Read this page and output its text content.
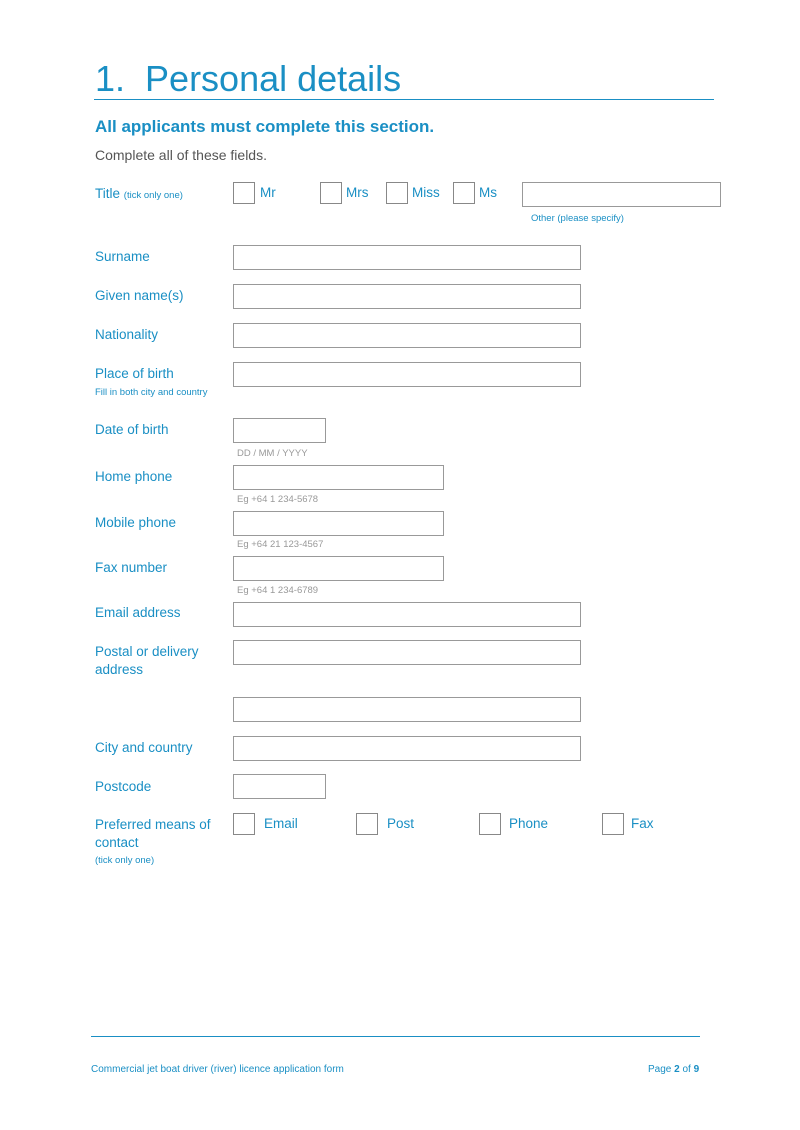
1. Personal details
All applicants must complete this section.
Complete all of these fields.
Title (tick only one)	Mr	Mrs	Miss	Ms
Other (please specify)
Surname
Given name(s)
Nationality
Place of birth
Fill in both city and country
Date of birth
DD / MM / YYYY
Home phone
Eg +64 1 234-5678
Mobile phone
Eg +64 21 123-4567
Fax number
Eg +64 1 234-6789
Email address
Postal or delivery
address
City and country
Postcode
Preferred means of
contact
(tick only one)
Email	Post	Phone	Fax
Commercial jet boat driver (river) licence application form	Page 2 of 9
